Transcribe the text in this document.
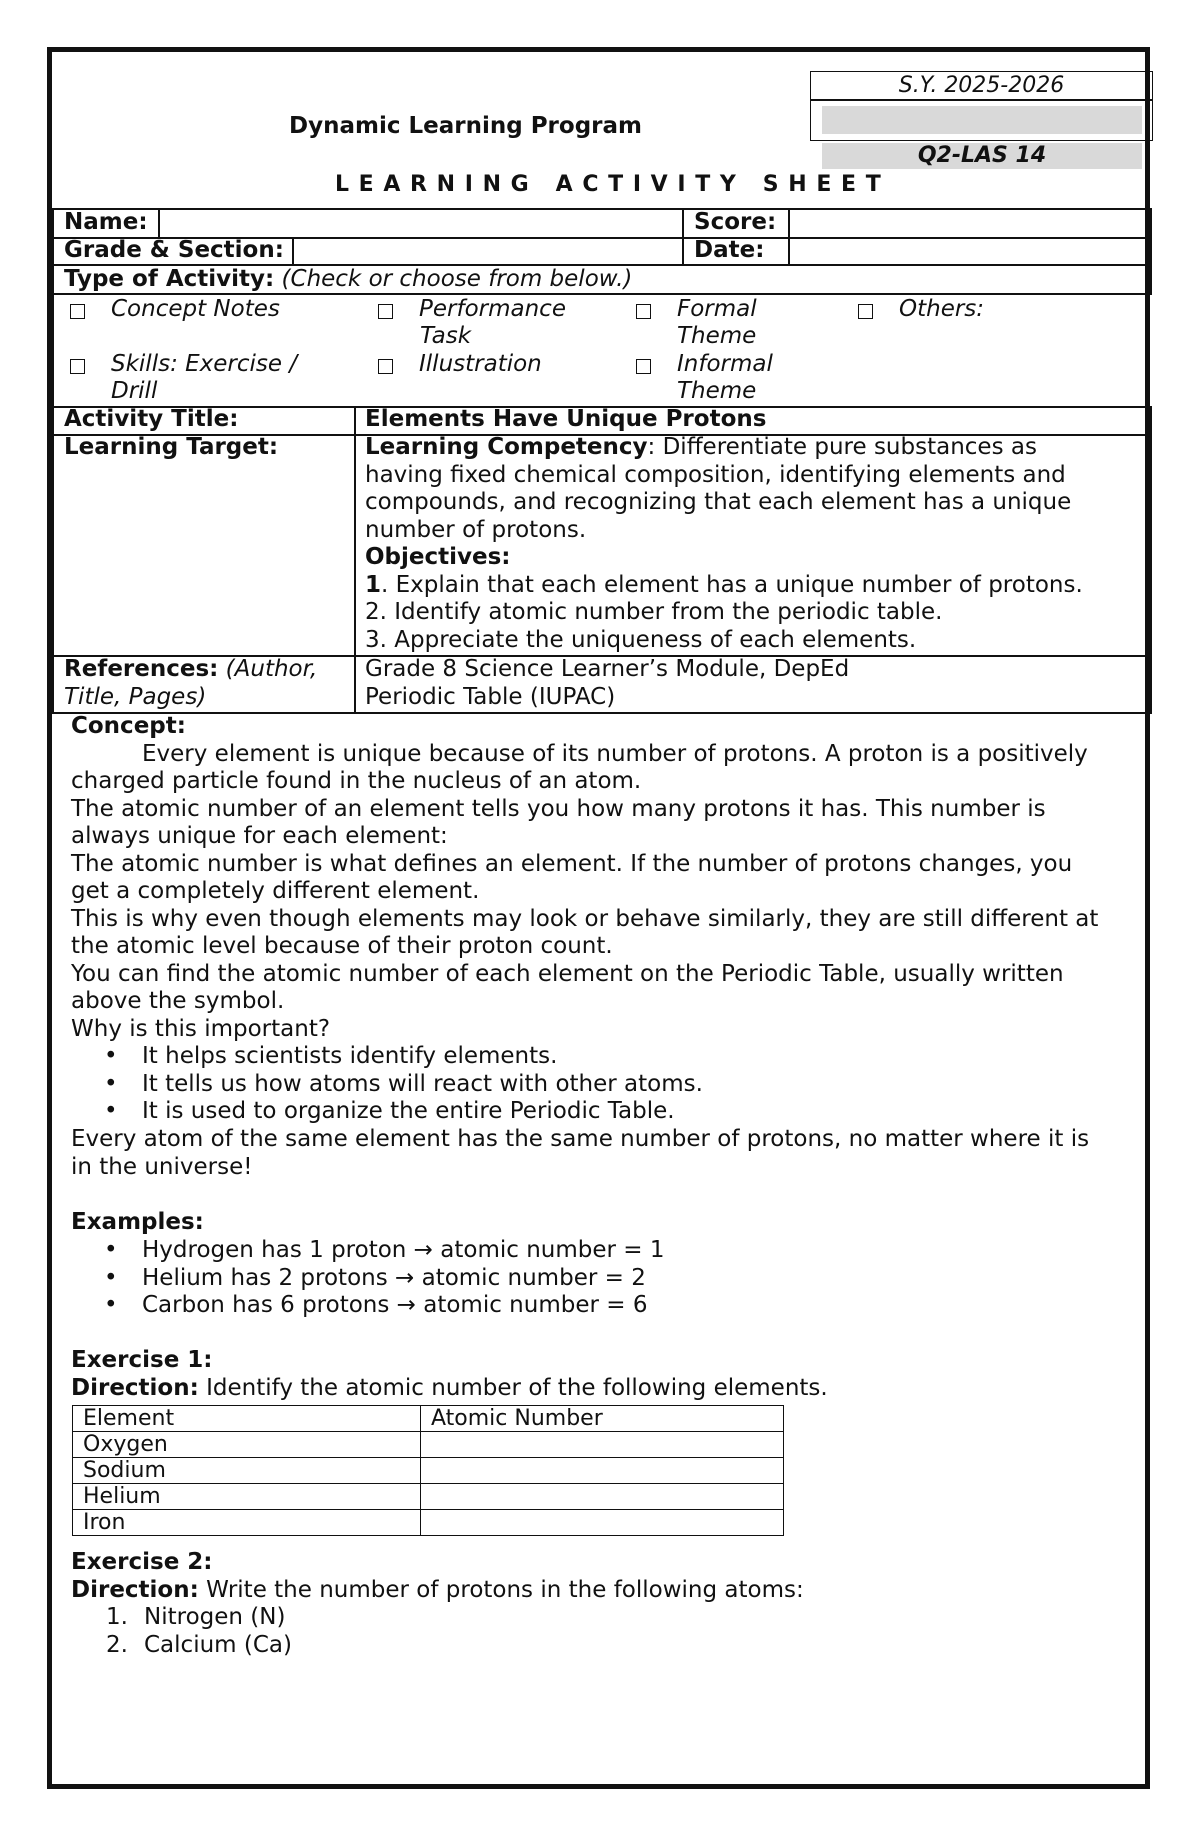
S.Y. 2025-2026
Q2-LAS 14
Dynamic Learning Program
L E A R N I N G   A C T I V I T Y   S H E E T
Name:	Score:
Grade & Section:	Date:
Type of Activity: (Check or choose from below.)
Concept Notes	Performance
Task
Formal
Theme
Others:
Skills: Exercise /
Drill
Illustration	Informal
Theme
Activity Title:	Elements Have Unique Protons
Learning Target:	Learning Competency: Differentiate pure substances as
having fixed chemical composition, identifying elements and
compounds, and recognizing that each element has a unique
number of protons.
Objectives:
1. Explain that each element has a unique number of protons.
2. Identify atomic number from the periodic table.
3. Appreciate the uniqueness of each elements.
References: (Author,
Title, Pages)
Grade 8 Science Learner’s Module, DepEd
Periodic Table (IUPAC)

Concept:

Every element is unique because of its number of protons. A proton is a positively

charged particle found in the nucleus of an atom.

The atomic number of an element tells you how many protons it has. This number is

always unique for each element:

The atomic number is what defines an element. If the number of protons changes, you

get a completely different element.

This is why even though elements may look or behave similarly, they are still different at

the atomic level because of their proton count.

You can find the atomic number of each element on the Periodic Table, usually written

above the symbol.

Why is this important?

• It helps scientists identify elements.
• It tells us how atoms will react with other atoms.
• It is used to organize the entire Periodic Table.

Every atom of the same element has the same number of protons, no matter where it is

in the universe!

Examples:

• Hydrogen has 1 proton → atomic number = 1
• Helium has 2 protons → atomic number = 2
• Carbon has 6 protons → atomic number = 6

Exercise 1:

Direction: Identify the atomic number of the following elements.

Element	Atomic Number
Oxygen	
Sodium	
Helium	
Iron	

Exercise 2:

Direction: Write the number of protons in the following atoms:

1. Nitrogen (N)
2. Calcium (Ca)
